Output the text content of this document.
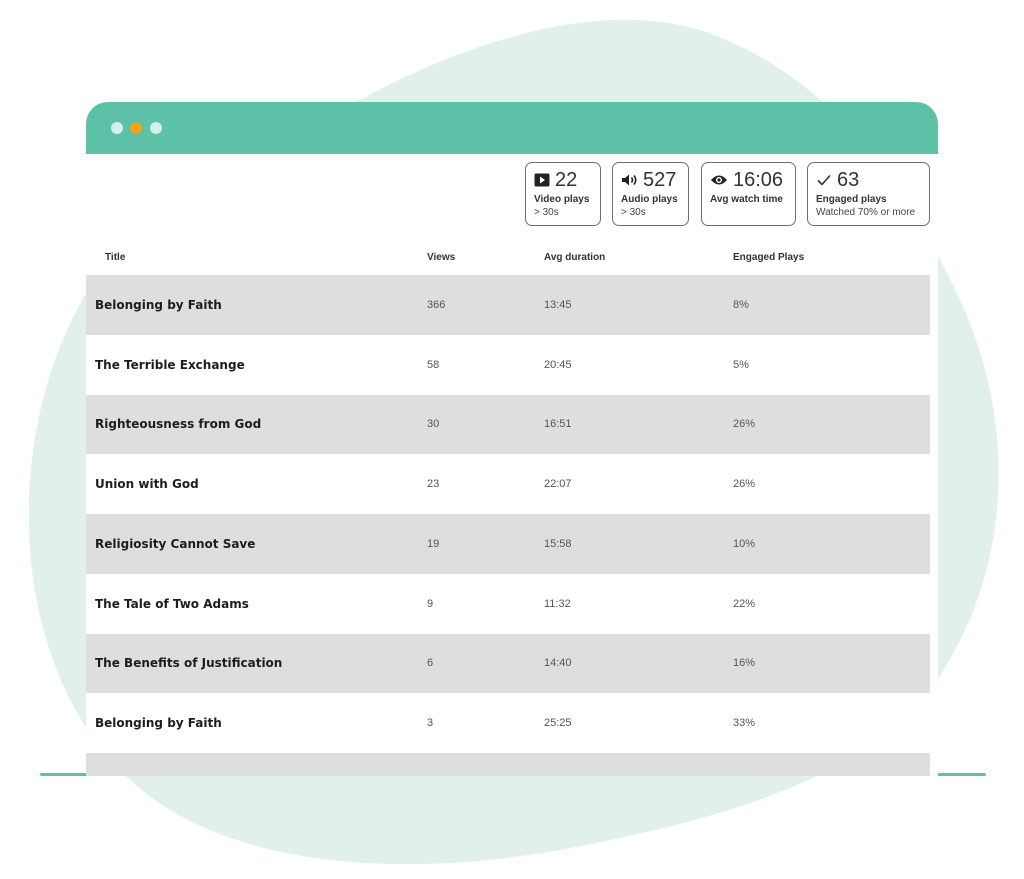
22
Video plays
> 30s
527
Audio plays
> 30s
16:06
Avg watch time
63
Engaged plays
Watched 70% or more
Title	Views	Avg duration	Engaged Plays
Belonging by Faith	366	13:45	8%
The Terrible Exchange	58	20:45	5%
Righteousness from God	30	16:51	26%
Union with God	23	22:07	26%
Religiosity Cannot Save	19	15:58	10%
The Tale of Two Adams	9	11:32	22%
The Benefits of Justification	6	14:40	16%
Belonging by Faith	3	25:25	33%
